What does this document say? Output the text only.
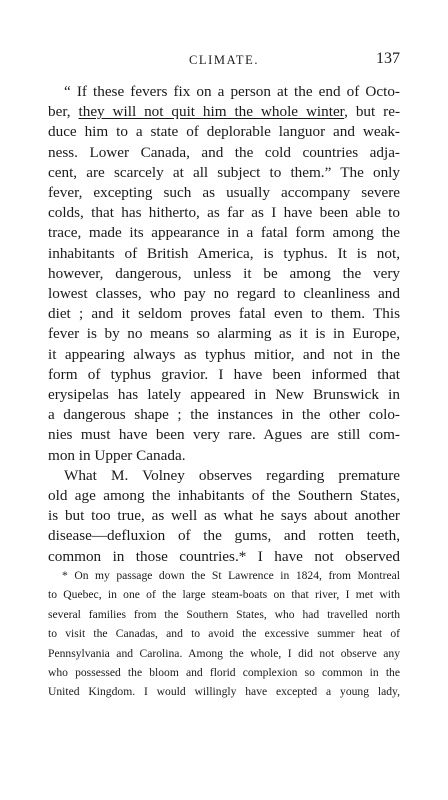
CLIMATE.	137
“ If these fevers fix on a person at the end of Octo-
ber, they will not quit him the whole winter, but re-
duce him to a state of deplorable languor and weak-
ness. Lower Canada, and the cold countries adja-
cent, are scarcely at all subject to them.” The only
fever, excepting such as usually accompany severe
colds, that has hitherto, as far as I have been able to
trace, made its appearance in a fatal form among the
inhabitants of British America, is typhus. It is not,
however, dangerous, unless it be among the very
lowest classes, who pay no regard to cleanliness and
diet ; and it seldom proves fatal even to them. This
fever is by no means so alarming as it is in Europe,
it appearing always as typhus mitior, and not in the
form of typhus gravior. I have been informed that
erysipelas has lately appeared in New Brunswick in
a dangerous shape ; the instances in the other colo-
nies must have been very rare. Agues are still com-
mon in Upper Canada.
What M. Volney observes regarding premature
old age among the inhabitants of the Southern States,
is but too true, as well as what he says about another
disease—defluxion of the gums, and rotten teeth,
common in those countries.* I have not observed
* On my passage down the St Lawrence in 1824, from Montreal
to Quebec, in one of the large steam-boats on that river, I met with
several families from the Southern States, who had travelled north
to visit the Canadas, and to avoid the excessive summer heat of
Pennsylvania and Carolina. Among the whole, I did not observe any
who possessed the bloom and florid complexion so common in the
United Kingdom. I would willingly have excepted a young lady,
